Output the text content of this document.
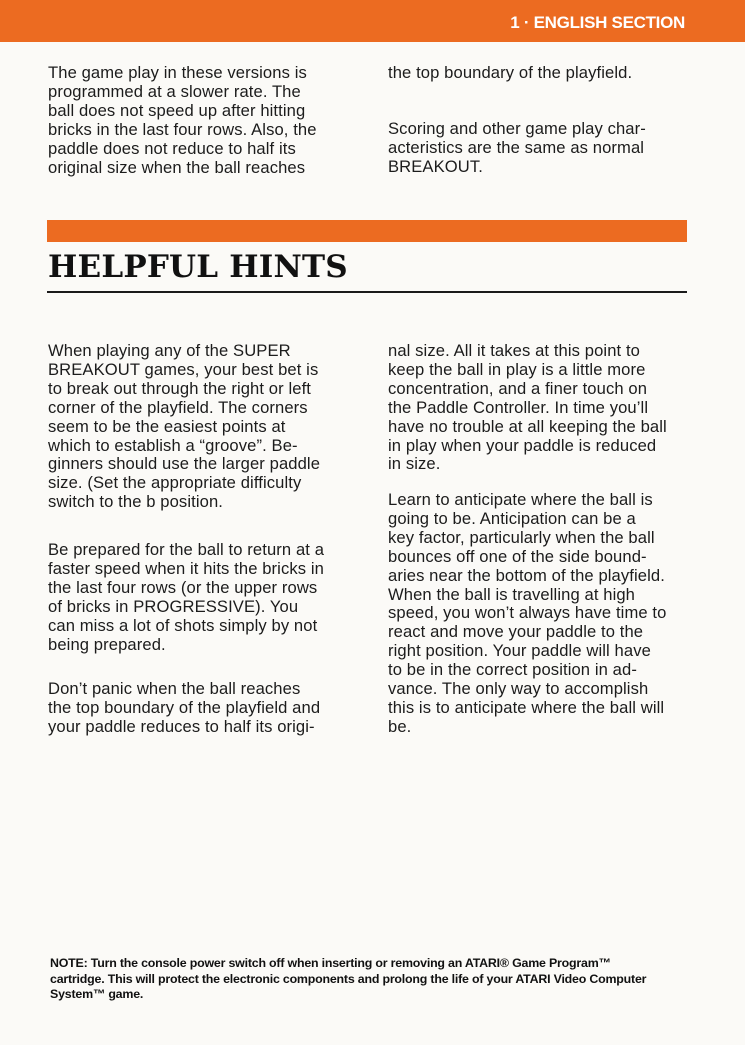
1 · ENGLISH SECTION

The game play in these versions is

programmed at a slower rate. The

ball does not speed up after hitting

bricks in the last four rows. Also, the

paddle does not reduce to half its

original size when the ball reaches

the top boundary of the playfield.

Scoring and other game play char-

acteristics are the same as normal

BREAKOUT.

HELPFUL HINTS

When playing any of the SUPER

BREAKOUT games, your best bet is

to break out through the right or left

corner of the playfield. The corners

seem to be the easiest points at

which to establish a “groove”. Be-

ginners should use the larger paddle

size. (Set the appropriate difficulty

switch to the b position.

Be prepared for the ball to return at a

faster speed when it hits the bricks in

the last four rows (or the upper rows

of bricks in PROGRESSIVE). You

can miss a lot of shots simply by not

being prepared.

Don’t panic when the ball reaches

the top boundary of the playfield and

your paddle reduces to half its origi-

nal size. All it takes at this point to

keep the ball in play is a little more

concentration, and a finer touch on

the Paddle Controller. In time you’ll

have no trouble at all keeping the ball

in play when your paddle is reduced

in size.

Learn to anticipate where the ball is

going to be. Anticipation can be a

key factor, particularly when the ball

bounces off one of the side bound-

aries near the bottom of the playfield.

When the ball is travelling at high

speed, you won’t always have time to

react and move your paddle to the

right position. Your paddle will have

to be in the correct position in ad-

vance. The only way to accomplish

this is to anticipate where the ball will

be.

NOTE: Turn the console power switch off when inserting or removing an ATARI® Game Program™

cartridge. This will protect the electronic components and prolong the life of your ATARI Video Computer

System™ game.
